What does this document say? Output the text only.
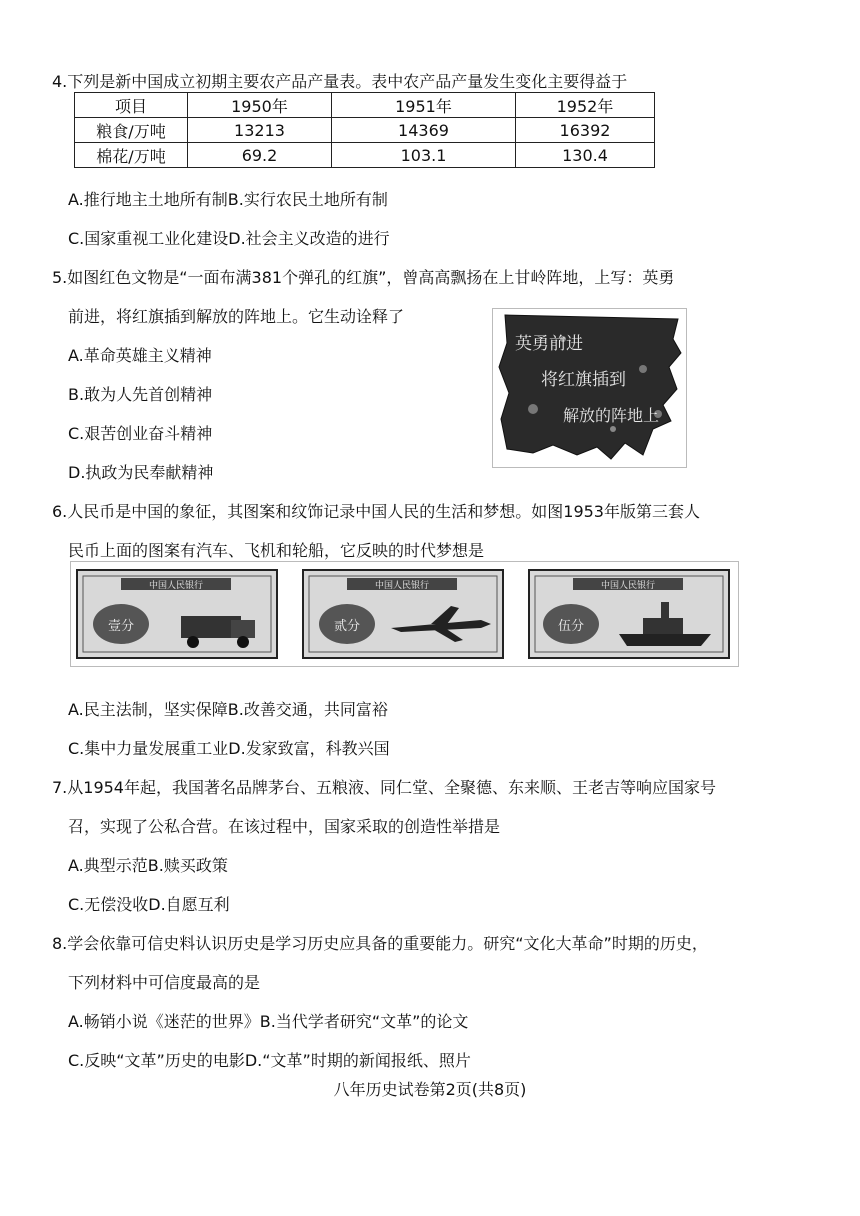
4.下列是新中国成立初期主要农产品产量表。表中农产品产量发生变化主要得益于
项目	1950年	1951年	1952年
粮食/万吨	13213	14369	16392
棉花/万吨	69.2	103.1	130.4
A.推行地主土地所有制B.实行农民土地所有制
C.国家重视工业化建设D.社会主义改造的进行
5.如图红色文物是“一面布满381个弹孔的红旗”，曾高高飘扬在上甘岭阵地，上写：英勇
前进，将红旗插到解放的阵地上。它生动诠释了
A.革命英雄主义精神
B.敢为人先首创精神
C.艰苦创业奋斗精神
D.执政为民奉献精神
英勇前进
将红旗插到
解放的阵地上
6.人民币是中国的象征，其图案和纹饰记录中国人民的生活和梦想。如图1953年版第三套人
民币上面的图案有汽车、飞机和轮船，它反映的时代梦想是
中国人民银行
壹分
中国人民银行
贰分
中国人民银行
伍分
A.民主法制，坚实保障B.改善交通，共同富裕
C.集中力量发展重工业D.发家致富，科教兴国
7.从1954年起，我国著名品牌茅台、五粮液、同仁堂、全聚德、东来顺、王老吉等响应国家号
召，实现了公私合营。在该过程中，国家采取的创造性举措是
A.典型示范B.赎买政策
C.无偿没收D.自愿互利
8.学会依靠可信史料认识历史是学习历史应具备的重要能力。研究“文化大革命”时期的历史，
下列材料中可信度最高的是
A.畅销小说《迷茫的世界》B.当代学者研究“文革”的论文
C.反映“文革”历史的电影D.“文革”时期的新闻报纸、照片
八年历史试卷第2页(共8页)
